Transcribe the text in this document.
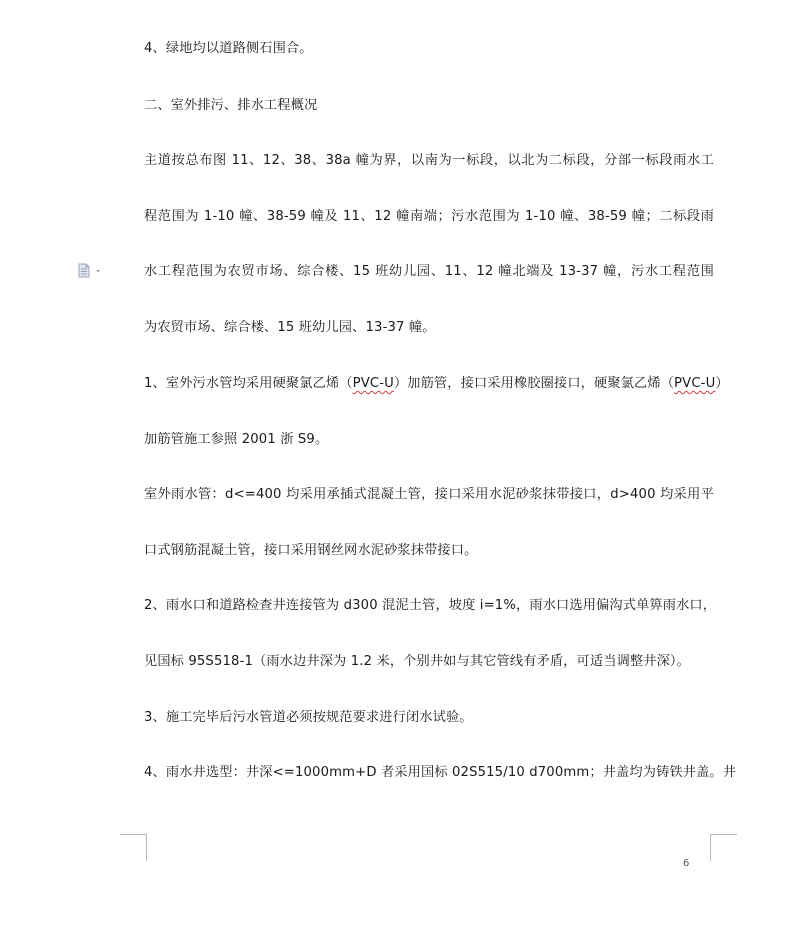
4、绿地均以道路侧石围合。
二、室外排污、排水工程概况
主道按总布图 11、12、38、38a 幢为界，以南为一标段，以北为二标段，分部一标段雨水工
程范围为 1-10 幢、38-59 幢及 11、12 幢南端；污水范围为 1-10 幢、38-59 幢；二标段雨
水工程范围为农贸市场、综合楼、15 班幼儿园、11、12 幢北端及 13-37 幢，污水工程范围
为农贸市场、综合楼、15 班幼儿园、13-37 幢。
1、室外污水管均采用硬聚氯乙烯（PVC-U）加筋管，接口采用橡胶圈接口，硬聚氯乙烯（PVC-U）
加筋管施工参照 2001 浙 S9。
室外雨水管：d<=400 均采用承插式混凝土管，接口采用水泥砂浆抹带接口，d>400 均采用平
口式钢筋混凝土管，接口采用钢丝网水泥砂浆抹带接口。
2、雨水口和道路检查井连接管为 d300 混泥土管，坡度 i=1%，雨水口选用偏沟式单箅雨水口，
见国标 95S518-1（雨水边井深为 1.2 米，个别井如与其它管线有矛盾，可适当调整井深）。
3、施工完毕后污水管道必须按规范要求进行闭水试验。
4、雨水井选型：井深<=1000mm+D 者采用国标 02S515/10 d700mm；井盖均为铸铁井盖。井
6
